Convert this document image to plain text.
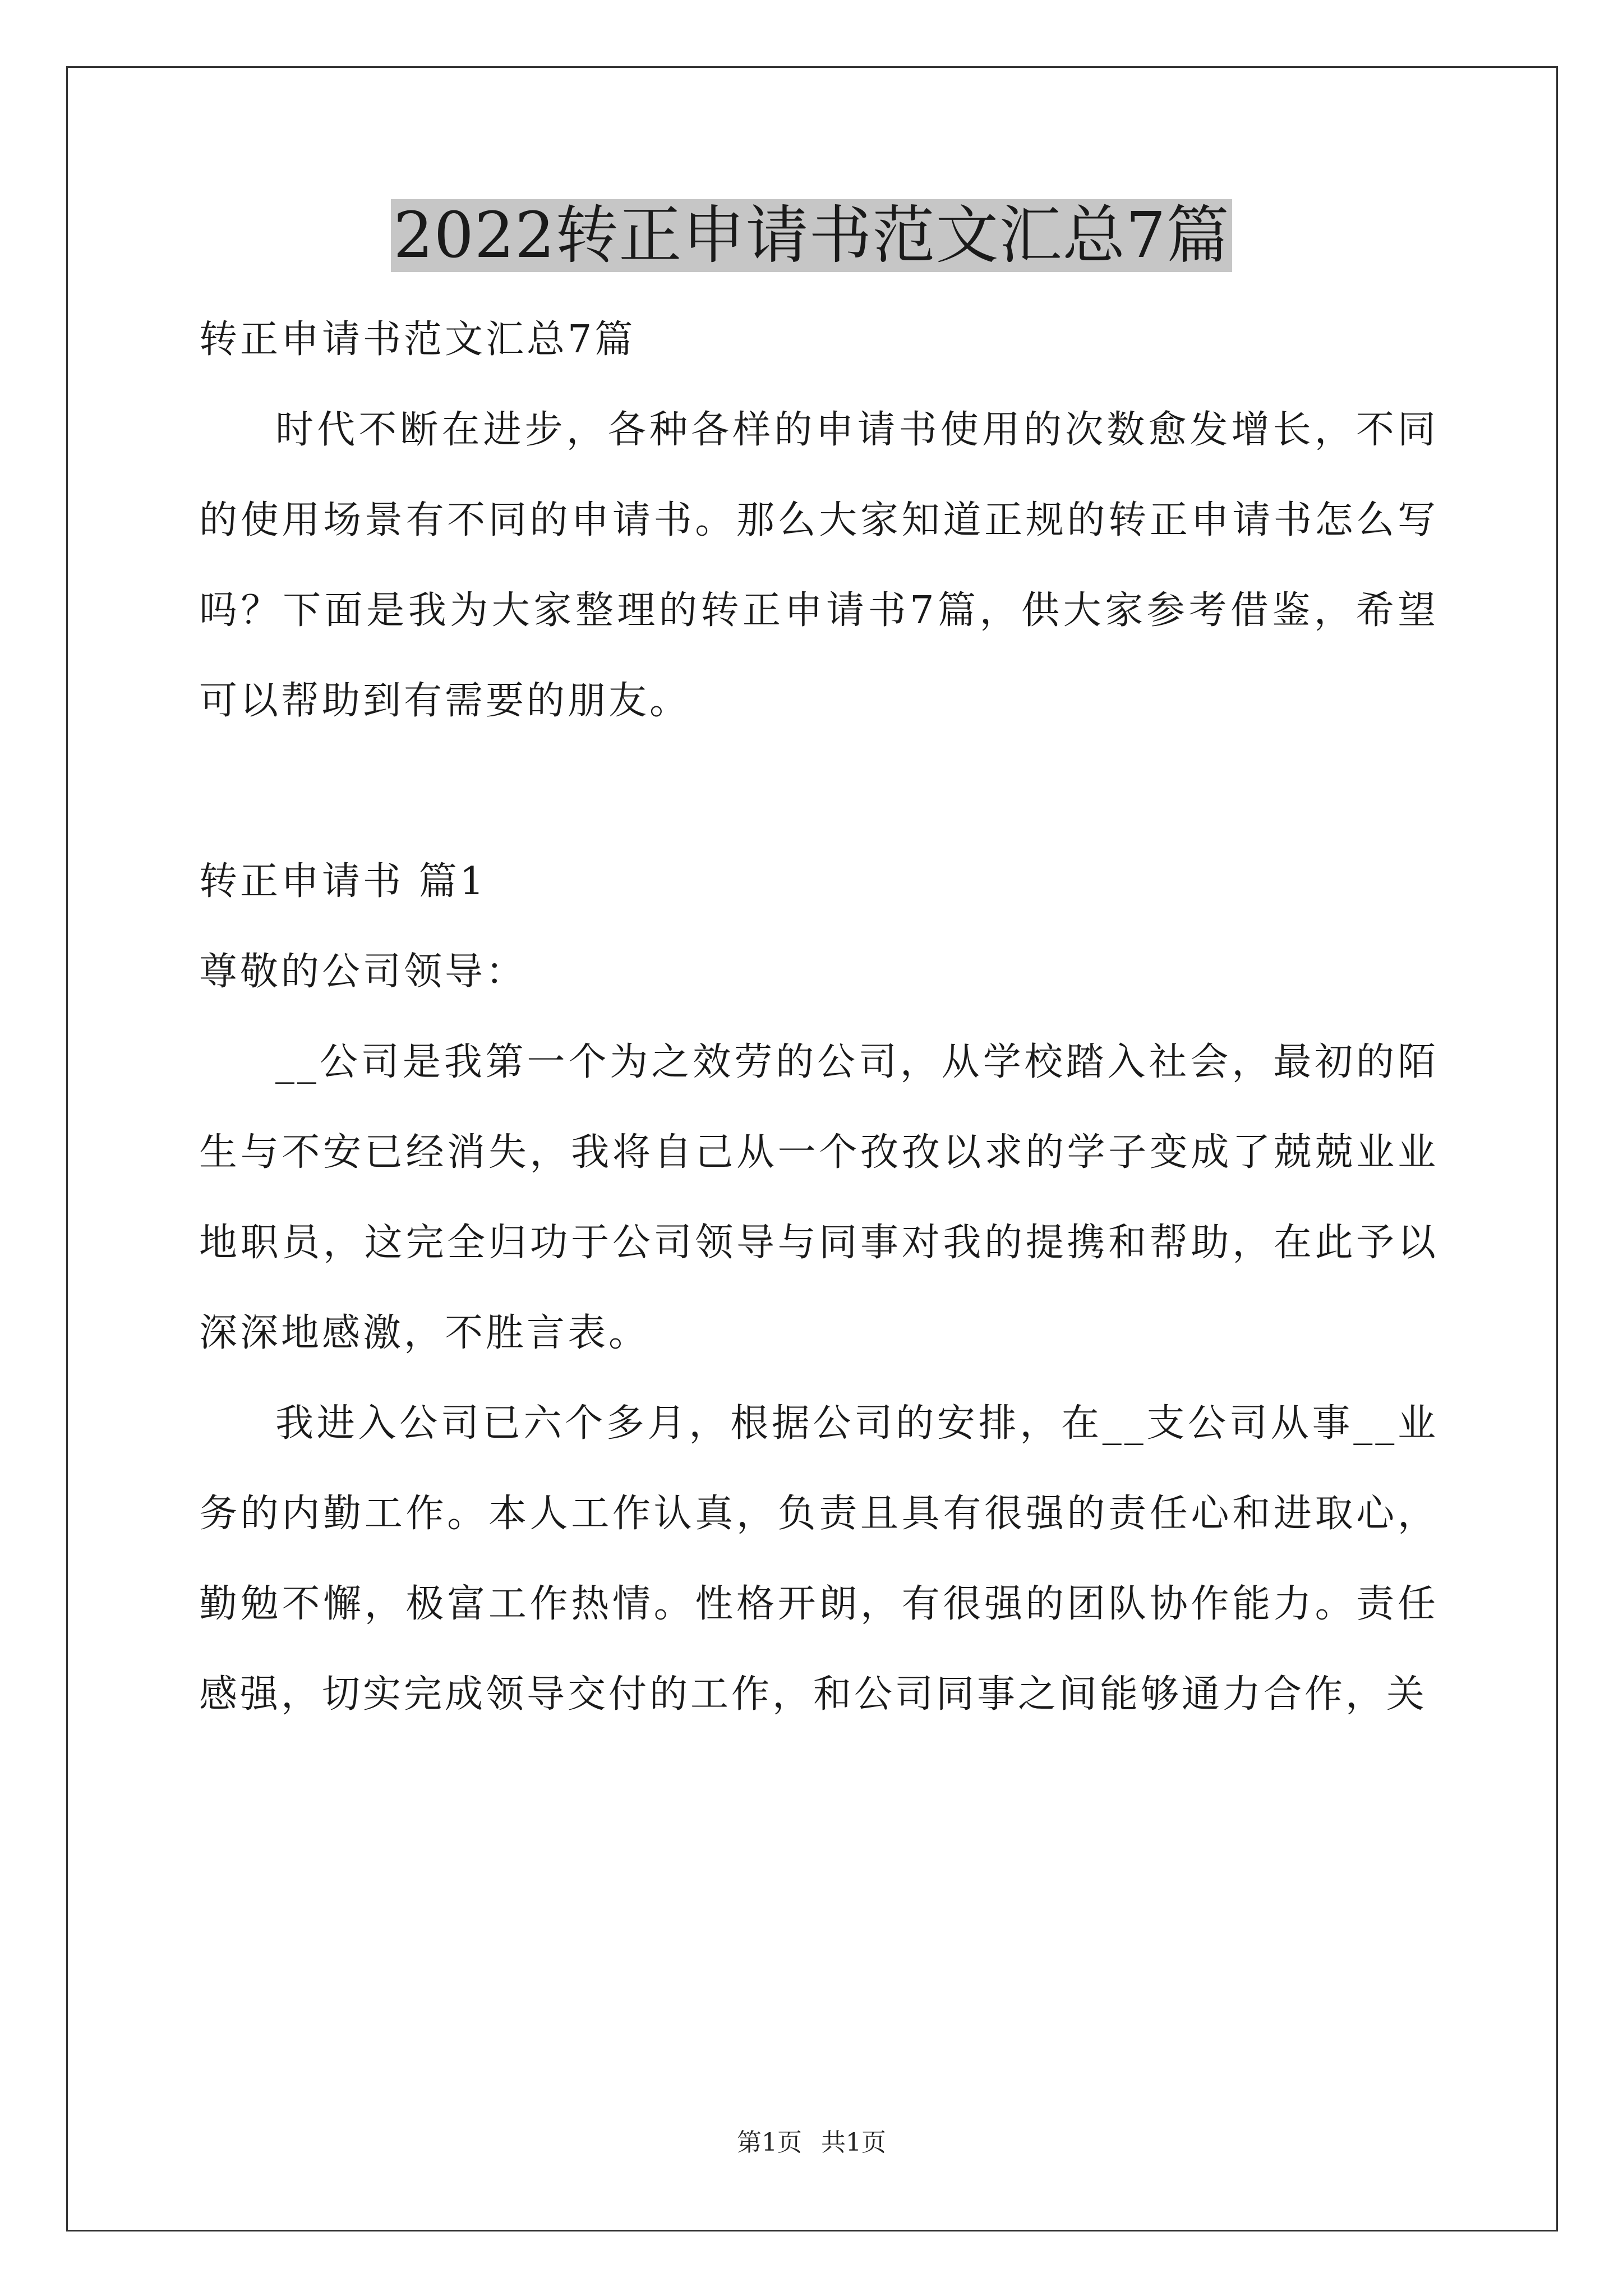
2022转正申请书范文汇总7篇

转正申请书范文汇总7篇

时代不断在进步，各种各样的申请书使用的次数愈发增长，不同的使用场景有不同的申请书。那么大家知道正规的转正申请书怎么写吗？下面是我为大家整理的转正申请书7篇，供大家参考借鉴，希望可以帮助到有需要的朋友。

转正申请书 篇1

尊敬的公司领导：

__公司是我第一个为之效劳的公司，从学校踏入社会，最初的陌生与不安已经消失，我将自己从一个孜孜以求的学子变成了兢兢业业地职员，这完全归功于公司领导与同事对我的提携和帮助，在此予以深深地感激，不胜言表。

我进入公司已六个多月，根据公司的安排，在__支公司从事__业务的内勤工作。本人工作认真，负责且具有很强的责任心和进取心，勤勉不懈，极富工作热情。性格开朗，有很强的团队协作能力。责任感强，切实完成领导交付的工作，和公司同事之间能够通力合作，关

第1页 共1页
